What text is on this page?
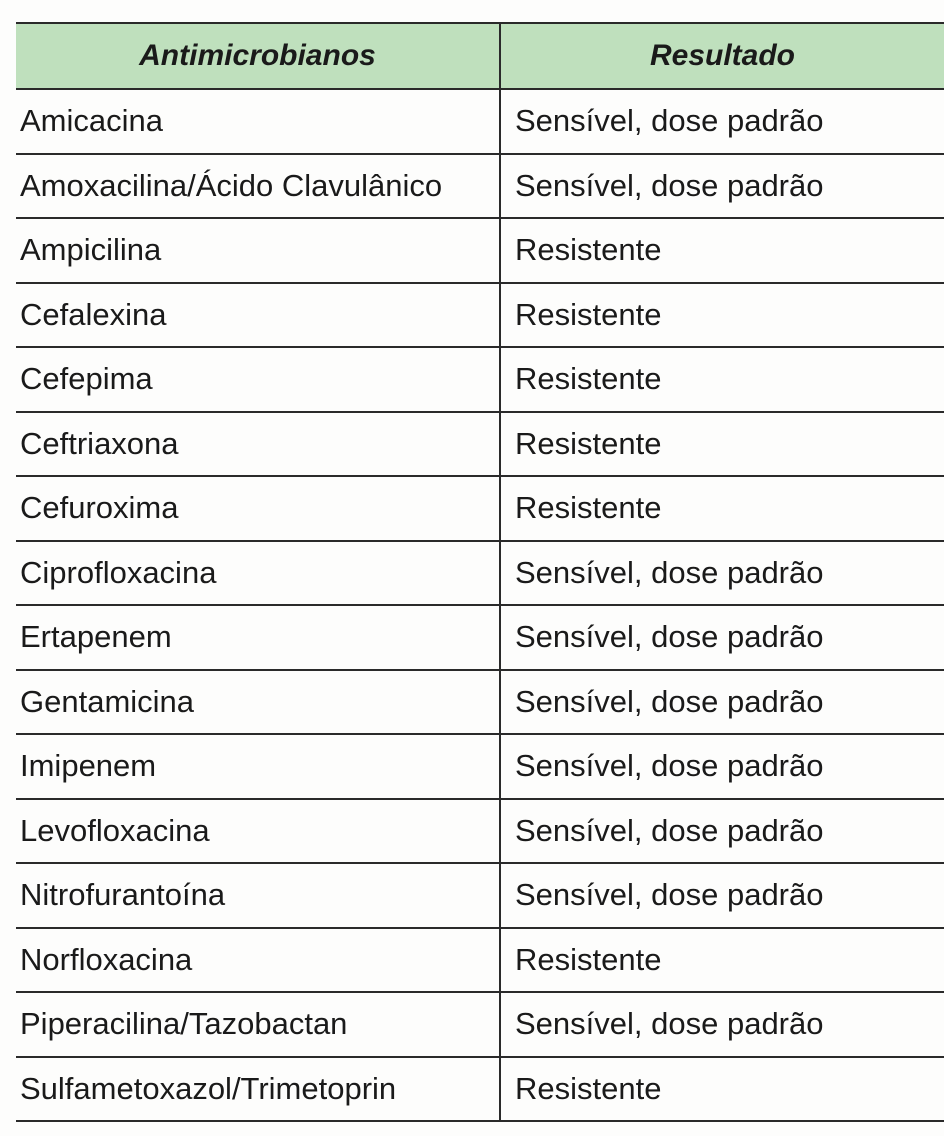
Antimicrobianos	Resultado
Amicacina	Sensível, dose padrão
Amoxacilina/Ácido Clavulânico	Sensível, dose padrão
Ampicilina	Resistente
Cefalexina	Resistente
Cefepima	Resistente
Ceftriaxona	Resistente
Cefuroxima	Resistente
Ciprofloxacina	Sensível, dose padrão
Ertapenem	Sensível, dose padrão
Gentamicina	Sensível, dose padrão
Imipenem	Sensível, dose padrão
Levofloxacina	Sensível, dose padrão
Nitrofurantoína	Sensível, dose padrão
Norfloxacina	Resistente
Piperacilina/Tazobactan	Sensível, dose padrão
Sulfametoxazol/Trimetoprin	Resistente
